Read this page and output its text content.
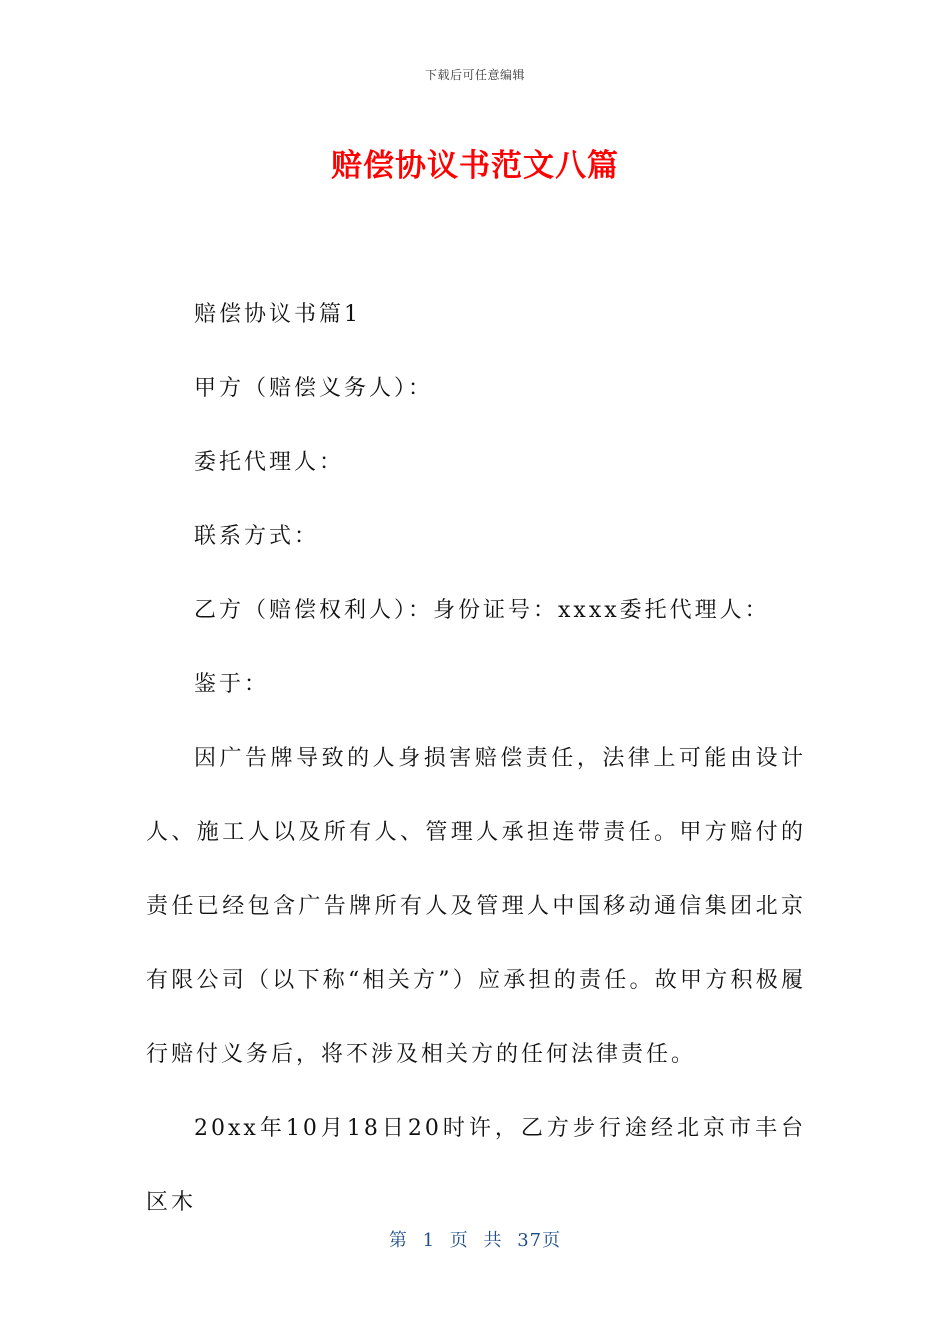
下载后可任意编辑
赔偿协议书范文八篇

赔偿协议书篇1

甲方（赔偿义务人）：

委托代理人：

联系方式：

乙方（赔偿权利人）：身份证号：xxxx委托代理人：

鉴于：

因广告牌导致的人身损害赔偿责任，法律上可能由设计人、施工人以及所有人、管理人承担连带责任。甲方赔付的责任已经包含广告牌所有人及管理人中国移动通信集团北京有限公司（以下称“相关方”）应承担的责任。故甲方积极履行赔付义务后，将不涉及相关方的任何法律责任。

20xx年10月18日20时许，乙方步行途经北京市丰台区木

第 1 页 共 37页
